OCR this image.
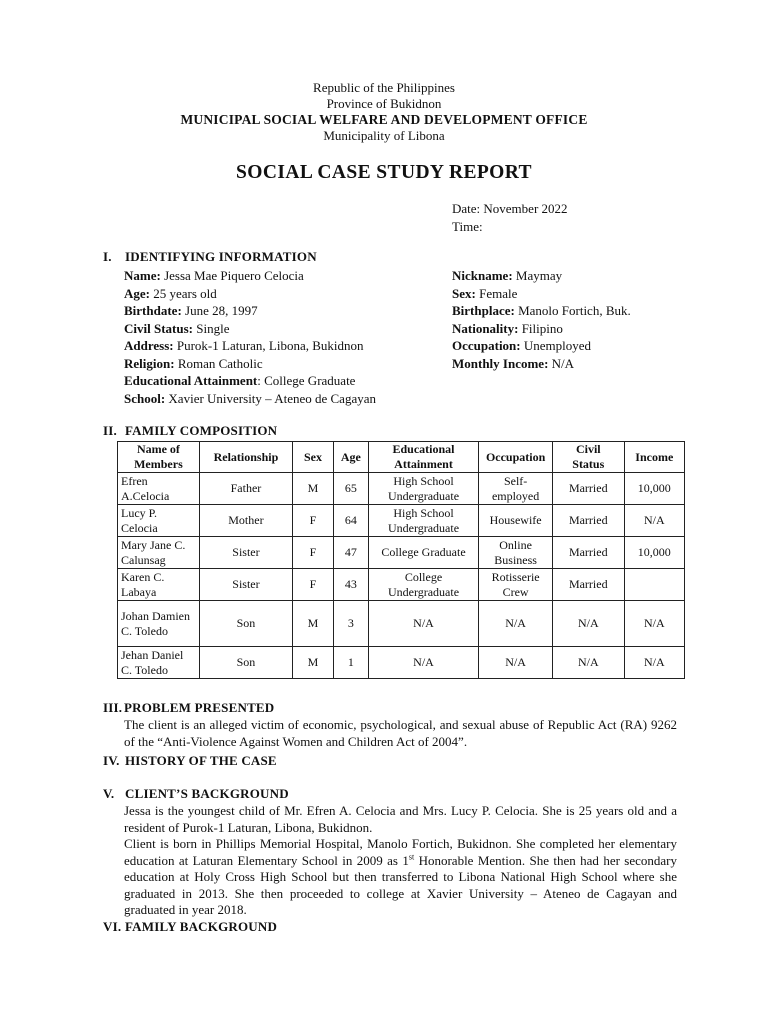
Republic of the Philippines
Province of Bukidnon
MUNICIPAL SOCIAL WELFARE AND DEVELOPMENT OFFICE
Municipality of Libona
SOCIAL CASE STUDY REPORT
Date: November 2022
Time:
I. IDENTIFYING INFORMATION
Name: Jessa Mae Piquero Celocia
Age: 25 years old
Birthdate: June 28, 1997
Civil Status: Single
Address: Purok-1 Laturan, Libona, Bukidnon
Religion: Roman Catholic
Educational Attainment: College Graduate
School: Xavier University – Ateneo de Cagayan
Nickname: Maymay
Sex: Female
Birthplace: Manolo Fortich, Buk.
Nationality: Filipino
Occupation: Unemployed
Monthly Income: N/A
II. FAMILY COMPOSITION
Name of Members	Relationship	Sex	Age	Educational Attainment	Occupation	Civil Status	Income
Efren A.Celocia	Father	M	65	High School Undergraduate	Self-employed	Married	10,000
Lucy P. Celocia	Mother	F	64	High School Undergraduate	Housewife	Married	N/A
Mary Jane C. Calunsag	Sister	F	47	College Graduate	Online Business	Married	10,000
Karen C. Labaya	Sister	F	43	College Undergraduate	Rotisserie Crew	Married	
Johan Damien C. Toledo	Son	M	3	N/A	N/A	N/A	N/A
Jehan Daniel C. Toledo	Son	M	1	N/A	N/A	N/A	N/A
III. PROBLEM PRESENTED
The client is an alleged victim of economic, psychological, and sexual abuse of Republic Act (RA) 9262 of the “Anti-Violence Against Women and Children Act of 2004”.
IV. HISTORY OF THE CASE
V. CLIENT’S BACKGROUND
Jessa is the youngest child of Mr. Efren A. Celocia and Mrs. Lucy P. Celocia. She is 25 years old and a resident of Purok-1 Laturan, Libona, Bukidnon.
Client is born in Phillips Memorial Hospital, Manolo Fortich, Bukidnon. She completed her elementary education at Laturan Elementary School in 2009 as 1st Honorable Mention. She then had her secondary education at Holy Cross High School but then transferred to Libona National High School where she graduated in 2013. She then proceeded to college at Xavier University – Ateneo de Cagayan and graduated in year 2018.
VI. FAMILY BACKGROUND
